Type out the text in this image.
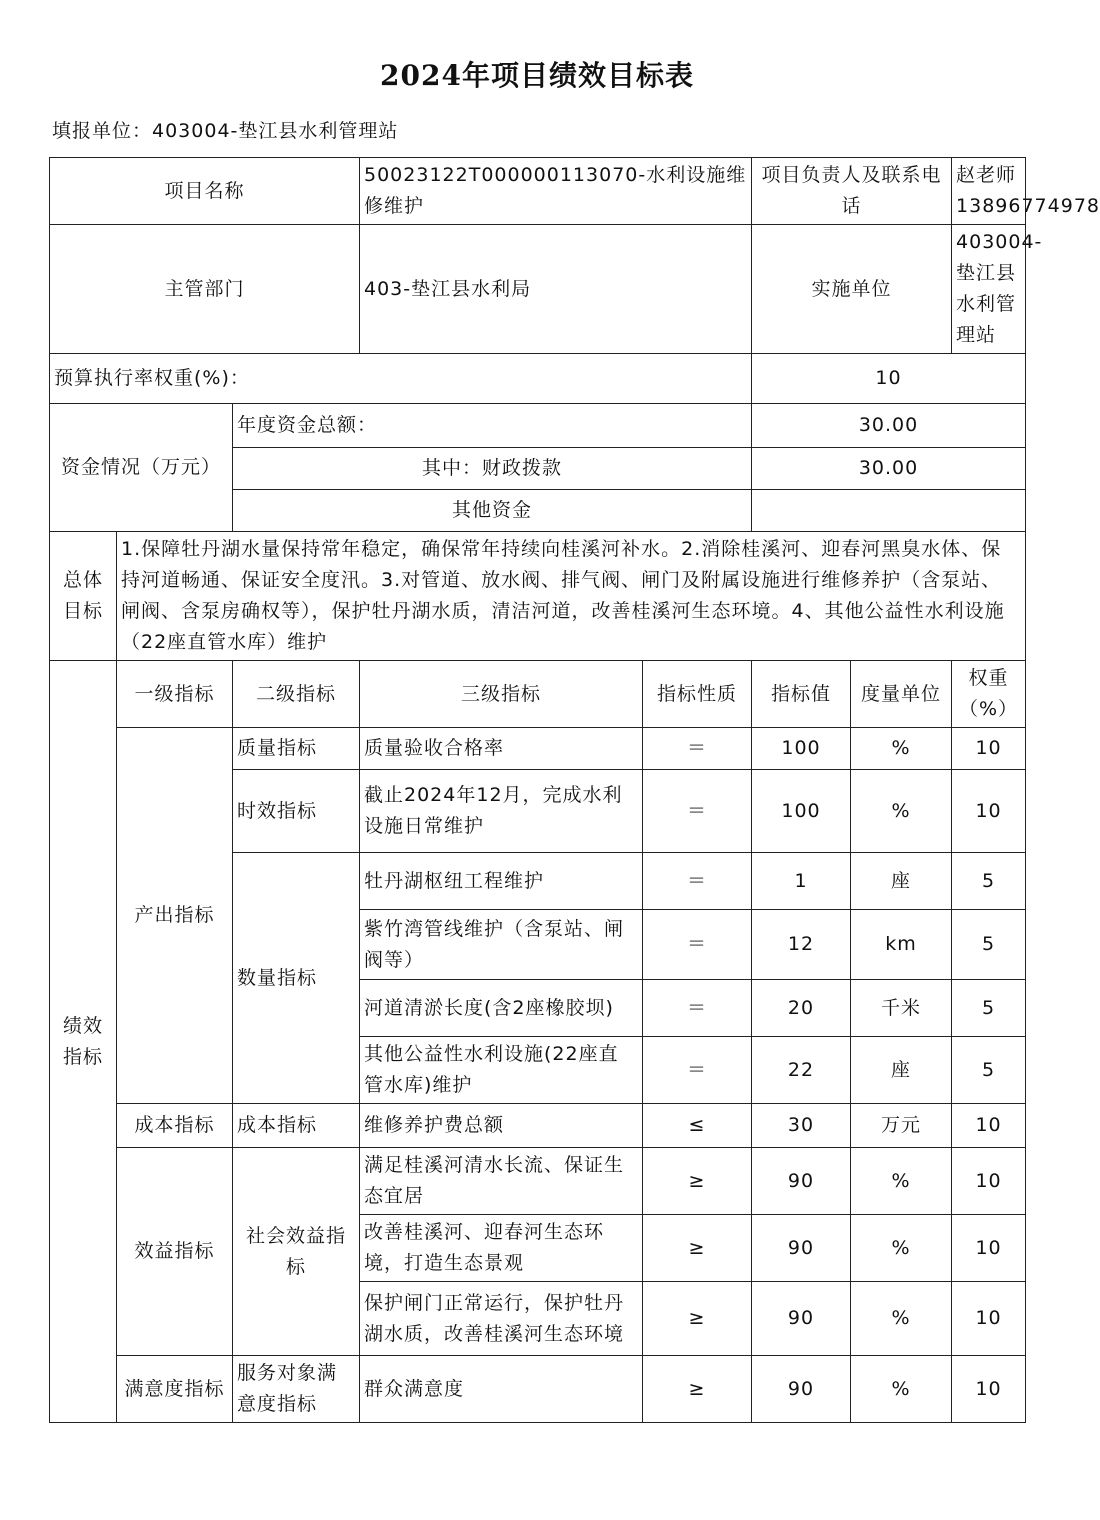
2024年项目绩效目标表
填报单位：403004-垫江县水利管理站
项目名称			50023122T000000113070-水利设施维修维护		项目负责人及联系电话		赵老师 13896774978
主管部门			403-垫江县水利局		实施单位		403004-垫江县水利管理站
预算执行率权重(%)：					10		
资金情况（万元）		年度资金总额：			30.00		
		其中：财政拨款			30.00		
		其他资金					
总体目标	1.保障牡丹湖水量保持常年稳定，确保常年持续向桂溪河补水。2.消除桂溪河、迎春河黑臭水体、保持河道畅通、保证安全度汛。3.对管道、放水阀、排气阀、闸门及附属设施进行维修养护（含泵站、闸阀、含泵房确权等），保护牡丹湖水质，清洁河道，改善桂溪河生态环境。4、其他公益性水利设施（22座直管水库）维护						
绩效指标	一级指标	二级指标	三级指标	指标性质	指标值	度量单位	权重（%）
	产出指标	质量指标	质量验收合格率	＝	100	%	10
		时效指标	截止2024年12月，完成水利设施日常维护	＝	100	%	10
		数量指标	牡丹湖枢纽工程维护	＝	1	座	5
			紫竹湾管线维护（含泵站、闸阀等）	＝	12	km	5
			河道清淤长度(含2座橡胶坝)	＝	20	千米	5
			其他公益性水利设施(22座直管水库)维护	＝	22	座	5
	成本指标	成本指标	维修养护费总额	≤	30	万元	10
	效益指标	社会效益指标	满足桂溪河清水长流、保证生态宜居	≥	90	%	10
			改善桂溪河、迎春河生态环境，打造生态景观	≥	90	%	10
			保护闸门正常运行，保护牡丹湖水质，改善桂溪河生态环境	≥	90	%	10
	满意度指标	服务对象满意度指标	群众满意度	≥	90	%	10
